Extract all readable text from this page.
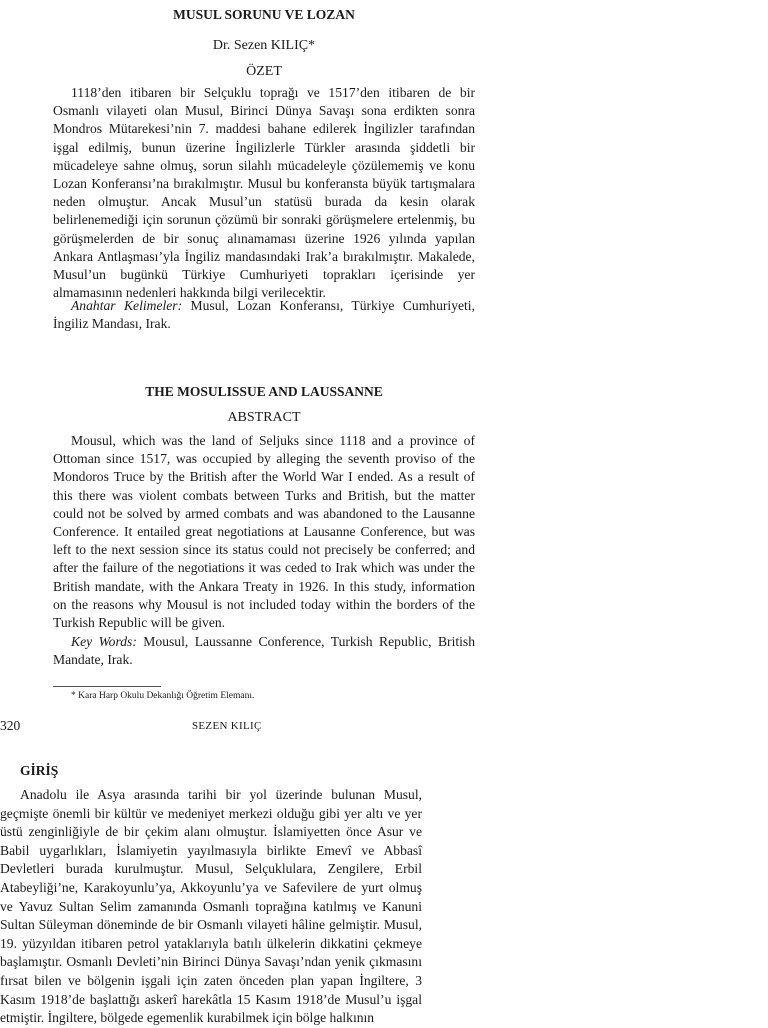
MUSUL SORUNU VE LOZAN

Dr. Sezen KILIÇ*

ÖZET

1118’den itibaren bir Selçuklu toprağı ve 1517’den itibaren de bir Osmanlı vilayeti olan Musul, Birinci Dünya Savaşı sona erdikten sonra Mondros Mütarekesi’nin 7. maddesi bahane edilerek İngilizler tarafından işgal edilmiş, bunun üzerine İngilizlerle Türkler arasında şiddetli bir mücadeleye sahne olmuş, sorun silahlı mücadeleyle çözülememiş ve konu Lozan Konferansı’na bırakılmıştır. Musul bu konferansta büyük tartışmalara neden olmuştur. Ancak Musul’un statüsü burada da kesin olarak belirlenemediği için sorunun çözümü bir sonraki görüşmelere ertelenmiş, bu görüşmelerden de bir sonuç alınamaması üzerine 1926 yılında yapılan Ankara Antlaşması’yla İngiliz mandasındaki Irak’a bırakılmıştır. Makalede, Musul’un bugünkü Türkiye Cumhuriyeti toprakları içerisinde yer almamasının nedenleri hakkında bilgi verilecektir.

Anahtar Kelimeler: Musul, Lozan Konferansı, Türkiye Cumhuriyeti, İngiliz Mandası, Irak.

THE MOSULISSUE AND LAUSSANNE

ABSTRACT

Mousul, which was the land of Seljuks since 1118 and a province of Ottoman since 1517, was occupied by alleging the seventh proviso of the Mondoros Truce by the British after the World War I ended. As a result of this there was violent combats between Turks and British, but the matter could not be solved by armed combats and was abandoned to the Lausanne Conference. It entailed great negotiations at Lausanne Conference, but was left to the next session since its status could not precisely be conferred; and after the failure of the negotiations it was ceded to Irak which was under the British mandate, with the Ankara Treaty in 1926. In this study, information on the reasons why Mousul is not included today within the borders of the Turkish Republic will be given.

Key Words: Mousul, Laussanne Conference, Turkish Republic, British Mandate, Irak.

* Kara Harp Okulu Dekanlığı Öğretim Elemanı.

320	SEZEN KILIÇ

GİRİŞ

Anadolu ile Asya arasında tarihi bir yol üzerinde bulunan Musul, geçmişte önemli bir kültür ve medeniyet merkezi olduğu gibi yer altı ve yer üstü zenginliğiyle de bir çekim alanı olmuştur. İslamiyetten önce Asur ve Babil uygarlıkları, İslamiyetin yayılmasıyla birlikte Emevî ve Abbasî Devletleri burada kurulmuştur. Musul, Selçuklulara, Zengilere, Erbil Atabeyliği’ne, Karakoyunlu’ya, Akkoyunlu’ya ve Safevilere de yurt olmuş ve Yavuz Sultan Selim zamanında Osmanlı toprağına katılmış ve Kanuni Sultan Süleyman döneminde de bir Osmanlı vilayeti hâline gelmiştir. Musul, 19. yüzyıldan itibaren petrol yataklarıyla batılı ülkelerin dikkatini çekmeye başlamıştır. Osmanlı Devleti’nin Birinci Dünya Savaşı’ndan yenik çıkmasını fırsat bilen ve bölgenin işgali için zaten önceden plan yapan İngiltere, 3 Kasım 1918’de başlattığı askerî harekâtla 15 Kasım 1918’de Musul’u işgal etmiştir. İngiltere, bölgede egemenlik kurabilmek için bölge halkının
